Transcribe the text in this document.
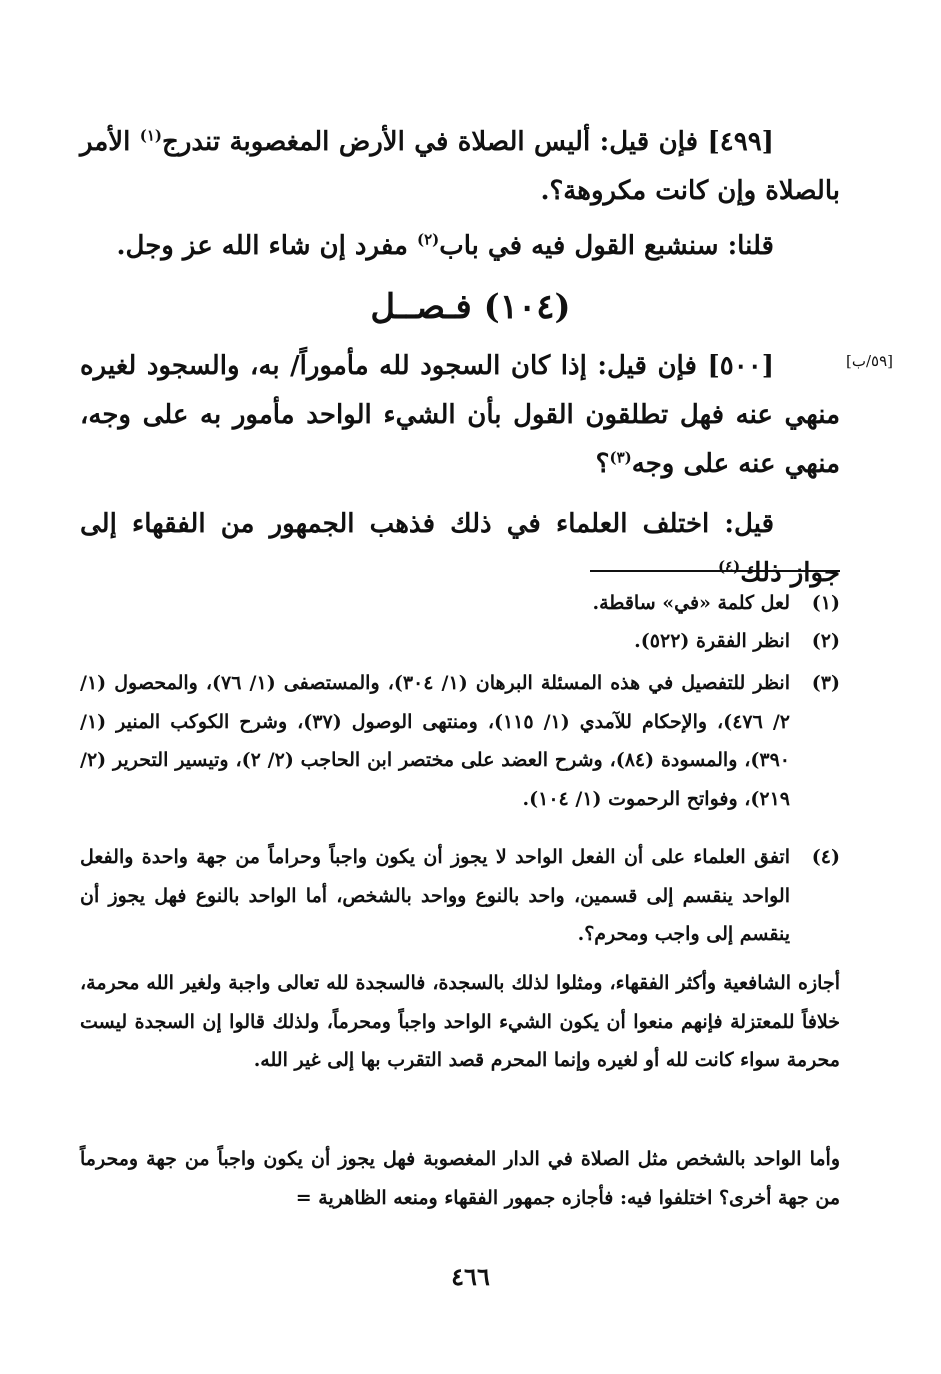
[٤٩٩] فإن قيل: أليس الصلاة في الأرض المغصوبة تندرج$^{(١)}$ الأمر بالصلاة وإن كانت مكروهة؟.
قلنا: سنشبع القول فيه في باب$^{(٢)}$ مفرد إن شاء الله عز وجل.
(١٠٤) فـصــل
[٥٩/ب]
[٥٠٠] فإن قيل: إذا كان السجود لله مأموراً/ به، والسجود لغيره منهي عنه فهل تطلقون القول بأن الشيء الواحد مأمور به على وجه، منهي عنه على وجه$^{(٣)}$؟
قيل: اختلف العلماء في ذلك فذهب الجمهور من الفقهاء إلى جواز ذلك$^{(٤)}$
(١)
لعل كلمة «في» ساقطة.
(٢)
انظر الفقرة (٥٢٢).
(٣)
انظر للتفصيل في هذه المسئلة البرهان (١/ ٣٠٤)، والمستصفى (١/ ٧٦)، والمحصول (١/ ٢/ ٤٧٦)، والإحكام للآمدي (١/ ١١٥)، ومنتهى الوصول (٣٧)، وشرح الكوكب المنير (١/ ٣٩٠)، والمسودة (٨٤)، وشرح العضد على مختصر ابن الحاجب (٢/ ٢)، وتيسير التحرير (٢/ ٢١٩)، وفواتح الرحموت (١/ ١٠٤).
(٤)
اتفق العلماء على أن الفعل الواحد لا يجوز أن يكون واجباً وحراماً من جهة واحدة والفعل الواحد ينقسم إلى قسمين، واحد بالنوع وواحد بالشخص، أما الواحد بالنوع فهل يجوز أن ينقسم إلى واجب ومحرم؟.
أجازه الشافعية وأكثر الفقهاء، ومثلوا لذلك بالسجدة، فالسجدة لله تعالى واجبة ولغير الله محرمة، خلافاً للمعتزلة فإنهم منعوا أن يكون الشيء الواحد واجباً ومحرماً، ولذلك قالوا إن السجدة ليست محرمة سواء كانت لله أو لغيره وإنما المحرم قصد التقرب بها إلى غير الله.
وأما الواحد بالشخص مثل الصلاة في الدار المغصوبة فهل يجوز أن يكون واجباً من جهة ومحرماً من جهة أخرى؟ اختلفوا فيه: فأجازه جمهور الفقهاء ومنعه الظاهرية =
٤٦٦
